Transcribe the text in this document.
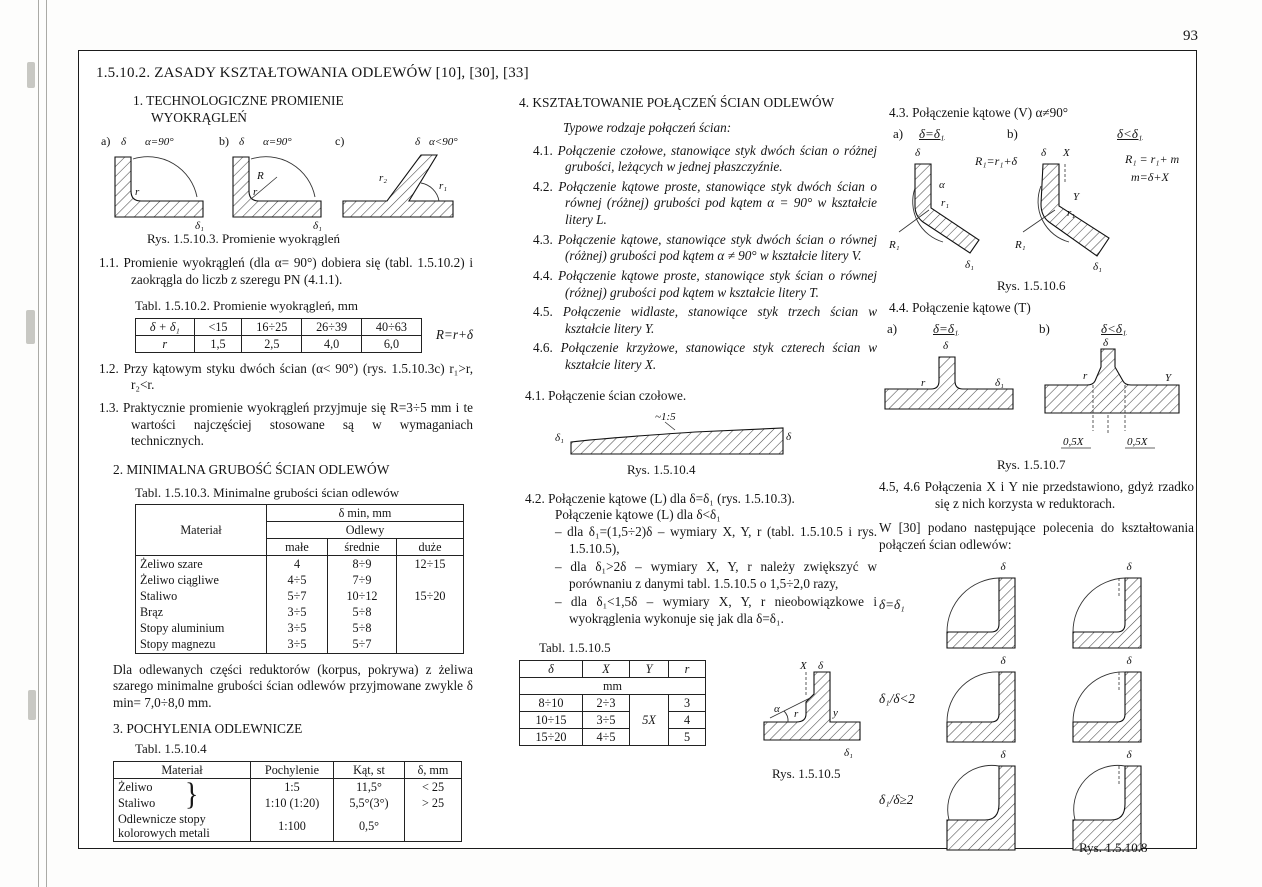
93
1.5.10.2. ZASADY KSZTAŁTOWANIA ODLEWÓW [10], [30], [33]
1. TECHNOLOGICZNE PROMIENIE
WYOKRĄGLEŃ
a) δ α=90°
r
δ₁
b) δ α=90°
R
r
δ₁
c)	δ α<90°
r₂
r₁
Rys. 1.5.10.3. Promienie wyokrągleń
1.1. Promienie wyokrągleń (dla α= 90°) dobiera się (tabl. 1.5.10.2) i zaokrągla do liczb z szeregu PN (4.1.1).
Tabl. 1.5.10.2. Promienie wyokrągleń, mm
δ + δ₁	<15	16÷25	26÷39	40÷63
r	1,5	2,5	4,0	6,0
R=r+δ
1.2. Przy kątowym styku dwóch ścian (α< 90°) (rys. 1.5.10.3c) r₁>r, r₂<r.
1.3. Praktycznie promienie wyokrągleń przyjmuje się R=3÷5 mm i te wartości najczęściej stosowane są w wymaganiach technicznych.
2. MINIMALNA GRUBOŚĆ ŚCIAN ODLEWÓW
Tabl. 1.5.10.3. Minimalne grubości ścian odlewów
Materiał	δ min, mm		
	Odlewy		
	małe	średnie	duże
Żeliwo szare	4	8÷9	12÷15
Żeliwo ciągliwe	4÷5	7÷9	
Staliwo	5÷7	10÷12	15÷20
Brąz	3÷5	5÷8	
Stopy aluminium	3÷5	5÷8	
Stopy magnezu	3÷5	5÷7	
Dla odlewanych części reduktorów (korpus, pokrywa) z żeliwa szarego minimalne grubości ścian odlewów przyjmowane zwykle δ min= 7,0÷8,0 mm.
3. POCHYLENIA ODLEWNICZE
Tabl. 1.5.10.4
Materiał	Pochylenie	Kąt, st	δ, mm
Żeliwo	1:5	11,5°	< 25
Staliwo	1:10 (1:20)	5,5°(3°)	> 25
Odlewnicze stopy kolorowych metali	1:100	0,5°	
}
4. KSZTAŁTOWANIE POŁĄCZEŃ ŚCIAN ODLEWÓW
Typowe rodzaje połączeń ścian:
4.1. Połączenie czołowe, stanowiące styk dwóch ścian o różnej grubości, leżących w jednej płaszczyźnie.
4.2. Połączenie kątowe proste, stanowiące styk dwóch ścian o równej (różnej) grubości pod kątem α = 90° w kształcie litery L.
4.3. Połączenie kątowe, stanowiące styk dwóch ścian o równej (różnej) grubości pod kątem α ≠ 90° w kształcie litery V.
4.4. Połączenie kątowe proste, stanowiące styk ścian o równej (różnej) grubości pod kątem w kształcie litery T.
4.5. Połączenie widlaste, stanowiące styk trzech ścian w kształcie litery Y.
4.6. Połączenie krzyżowe, stanowiące styk czterech ścian w kształcie litery X.
4.1. Połączenie ścian czołowe.
~1:5
δ₁	δ
Rys. 1.5.10.4
4.2. Połączenie kątowe (L) dla δ=δ₁ (rys. 1.5.10.3).
Połączenie kątowe (L) dla δ<δ₁
– dla δ₁=(1,5÷2)δ – wymiary X, Y, r (tabl. 1.5.10.5 i rys. 1.5.10.5),
– dla δ₁>2δ – wymiary X, Y, r należy zwiększyć w porównaniu z danymi tabl. 1.5.10.5 o 1,5÷2,0 razy,
– dla δ₁<1,5δ – wymiary X, Y, r nieobowiązkowe i wyokrąglenia wykonuje się jak dla δ=δ₁.
Tabl. 1.5.10.5
δ	X	Y	r
mm			
8÷10	2÷3	5X	3
10÷15	3÷5		4
15÷20	4÷5		5
X δ
α r	y
δ₁
Rys. 1.5.10.5
4.3. Połączenie kątowe (V) α≠90°
a) δ=δ₁	b)	δ<δ₁
R₁=r₁+δ	R₁ = r₁+ m
m=δ+X
δ
α
r₁
R₁
δ₁
δ X
Y
r₁
R₁
δ₁
Rys. 1.5.10.6
4.4. Połączenie kątowe (T)
a)	δ=δ₁	b)	δ<δ₁
δ
r	δ₁
δ
r	Y
0,5X	0,5X
Rys. 1.5.10.7
4.5, 4.6 Połączenia X i Y nie przedstawiono, gdyż rzadko się z nich korzysta w reduktorach.
W [30] podano następujące polecenia do kształtowania połączeń ścian odlewów:
δ=δ₁
δ	δ
δ₁/δ<2
δ	δ
δ₁/δ≥2
δ	δ
Rys. 1.5.10.8
